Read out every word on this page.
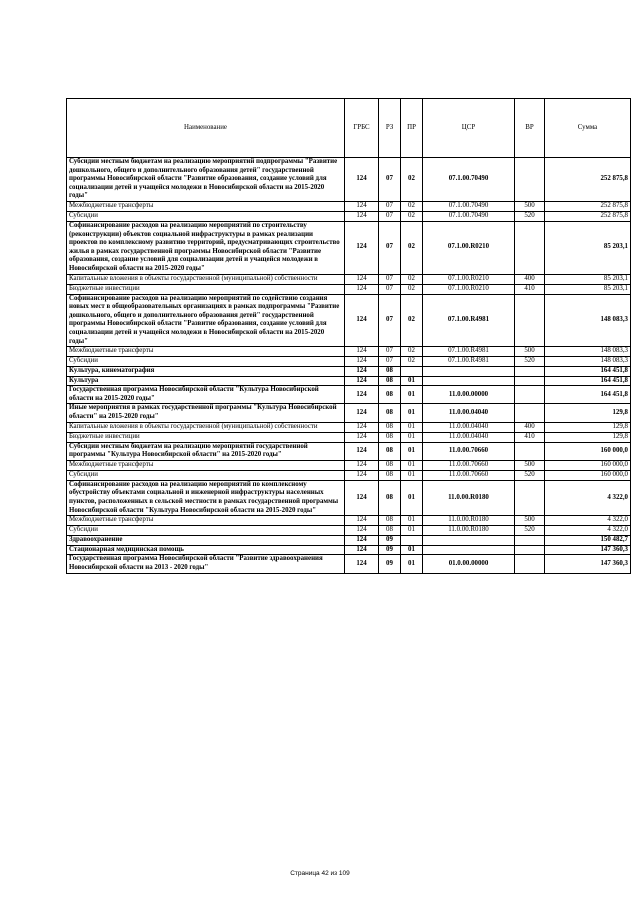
Наименование	ГРБС	РЗ	ПР	ЦСР	ВР	Сумма
Субсидии местным бюджетам на реализацию мероприятий подпрограммы "Развитие дошкольного, общего и дополнительного образования детей" государственной программы Новосибирской области "Развитие образования, создание условий для социализации детей и учащейся молодежи в Новосибирской области на 2015-2020 годы"	124	07	02	07.1.00.70490		252 875,8
Межбюджетные трансферты	124	07	02	07.1.00.70490	500	252 875,8
Субсидии	124	07	02	07.1.00.70490	520	252 875,8
Софинансирование расходов на реализацию мероприятий по строительству (реконструкции) объектов социальной инфраструктуры в рамках реализации проектов по комплексному развитию территорий, предусматривающих строительство жилья в рамках государственной программы Новосибирской области "Развитие образования, создание условий для социализации детей и учащейся молодежи в Новосибирской области на 2015-2020 годы"	124	07	02	07.1.00.R0210		85 203,1
Капитальные вложения в объекты государственной (муниципальной) собственности	124	07	02	07.1.00.R0210	400	85 203,1
Бюджетные инвестиции	124	07	02	07.1.00.R0210	410	85 203,1
Софинансирование расходов на реализацию мероприятий по содействию создания новых мест в общеобразовательных организациях в рамках подпрограммы "Развитие дошкольного, общего и дополнительного образования детей" государственной программы Новосибирской области "Развитие образования, создание условий для социализации детей и учащейся молодежи в Новосибирской области на 2015-2020 годы"	124	07	02	07.1.00.R4981		148 083,3
Межбюджетные трансферты	124	07	02	07.1.00.R4981	500	148 083,3
Субсидии	124	07	02	07.1.00.R4981	520	148 083,3
Культура, кинематография	124	08				164 451,8
Культура	124	08	01			164 451,8
Государственная программа Новосибирской области "Культура Новосибирской области на 2015-2020 годы"	124	08	01	11.0.00.00000		164 451,8
Иные мероприятия в рамках государственной программы "Культура Новосибирской области" на 2015-2020 годы"	124	08	01	11.0.00.04040		129,8
Капитальные вложения в объекты государственной (муниципальной) собственности	124	08	01	11.0.00.04040	400	129,8
Бюджетные инвестиции	124	08	01	11.0.00.04040	410	129,8
Субсидии местным бюджетам на реализацию мероприятий государственной программы "Культура Новосибирской области" на 2015-2020 годы"	124	08	01	11.0.00.70660		160 000,0
Межбюджетные трансферты	124	08	01	11.0.00.70660	500	160 000,0
Субсидии	124	08	01	11.0.00.70660	520	160 000,0
Софинансирование расходов на реализацию мероприятий по комплексному обустройству объектами социальной и инженерной инфраструктуры населенных пунктов, расположенных в сельской местности в рамках государственной программы Новосибирской области "Культура Новосибирской области на 2015-2020 годы"	124	08	01	11.0.00.R0180		4 322,0
Межбюджетные трансферты	124	08	01	11.0.00.R0180	500	4 322,0
Субсидии	124	08	01	11.0.00.R0180	520	4 322,0
Здравоохранение	124	09				150 482,7
Стационарная медицинская помощь	124	09	01			147 360,3
Государственная программа Новосибирской области "Развитие здравоохранения Новосибирской области на 2013 - 2020 годы"	124	09	01	01.0.00.00000		147 360,3
Страница 42 из 109
